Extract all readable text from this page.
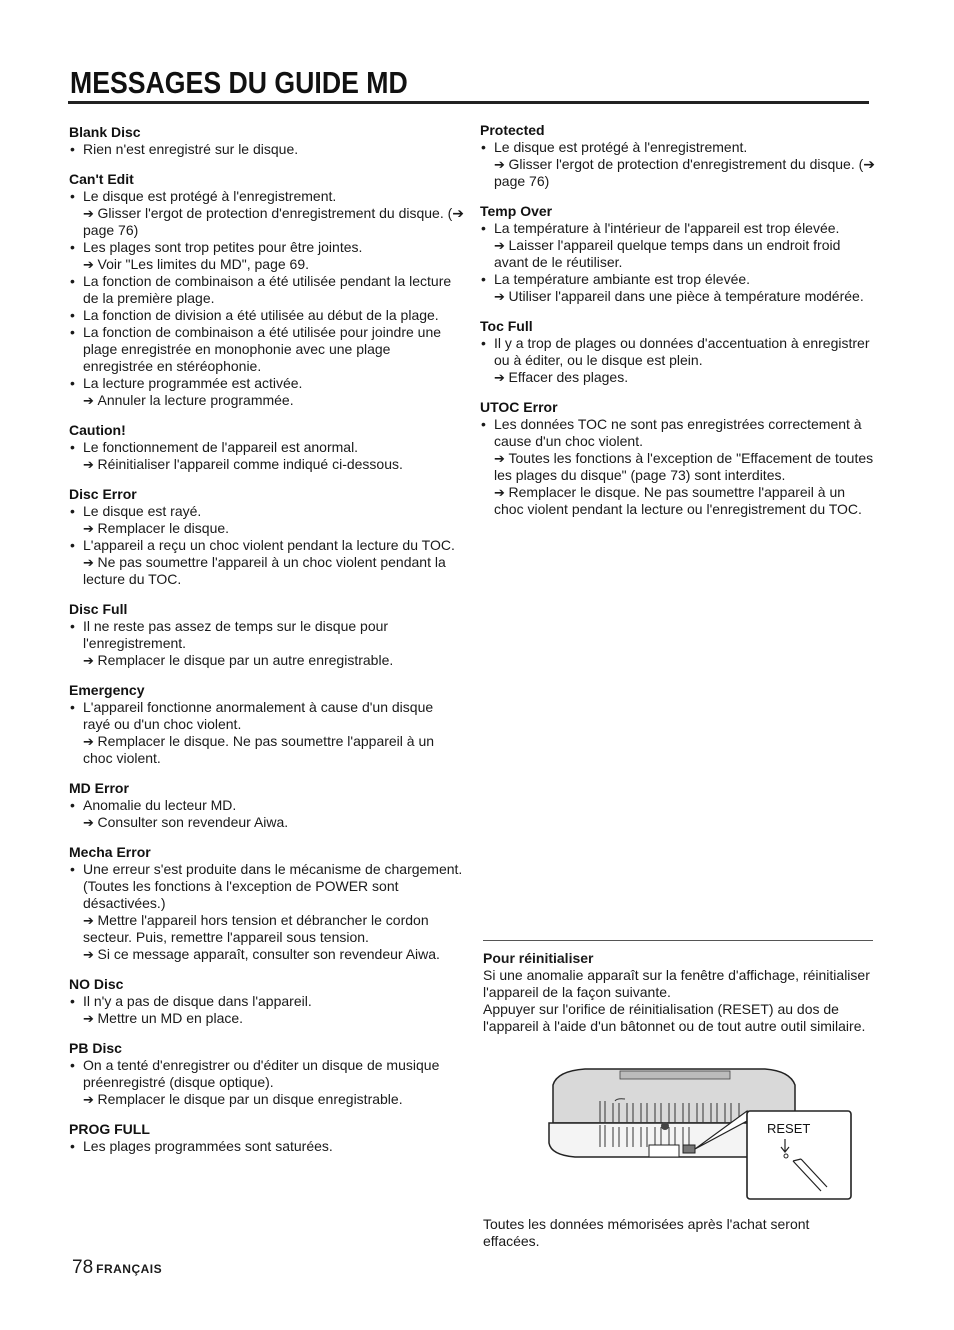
MESSAGES DU GUIDE MD
Blank Disc
• Rien n'est enregistré sur le disque.
Can't Edit
• Le disque est protégé à l'enregistrement.
➔ Glisser l'ergot de protection d'enregistrement du disque. (➔ page 76)
• Les plages sont trop petites pour être jointes.
➔ Voir "Les limites du MD", page 69.
• La fonction de combinaison a été utilisée pendant la lecture de la première plage.
• La fonction de division a été utilisée au début de la plage.
• La fonction de combinaison a été utilisée pour joindre une plage enregistrée en monophonie avec une plage enregistrée en stéréophonie.
• La lecture programmée est activée.
➔ Annuler la lecture programmée.
Caution!
• Le fonctionnement de l'appareil est anormal.
➔ Réinitialiser l'appareil comme indiqué ci-dessous.
Disc Error
• Le disque est rayé.
➔ Remplacer le disque.
• L'appareil a reçu un choc violent pendant la lecture du TOC.
➔ Ne pas soumettre l'appareil à un choc violent pendant la lecture du TOC.
Disc Full
• Il ne reste pas assez de temps sur le disque pour l'enregistrement.
➔ Remplacer le disque par un autre enregistrable.
Emergency
• L'appareil fonctionne anormalement à cause d'un disque rayé ou d'un choc violent.
➔ Remplacer le disque. Ne pas soumettre l'appareil à un choc violent.
MD Error
• Anomalie du lecteur MD.
➔ Consulter son revendeur Aiwa.
Mecha Error
• Une erreur s'est produite dans le mécanisme de chargement. (Toutes les fonctions à l'exception de POWER sont désactivées.)
➔ Mettre l'appareil hors tension et débrancher le cordon secteur. Puis, remettre l'appareil sous tension.
➔ Si ce message apparaît, consulter son revendeur Aiwa.
NO Disc
• Il n'y a pas de disque dans l'appareil.
➔ Mettre un MD en place.
PB Disc
• On a tenté d'enregistrer ou d'éditer un disque de musique préenregistré (disque optique).
➔ Remplacer le disque par un disque enregistrable.
PROG FULL
• Les plages programmées sont saturées.
Protected
• Le disque est protégé à l'enregistrement.
➔ Glisser l'ergot de protection d'enregistrement du disque. (➔ page 76)
Temp Over
• La température à l'intérieur de l'appareil est trop élevée.
➔ Laisser l'appareil quelque temps dans un endroit froid avant de le réutiliser.
• La température ambiante est trop élevée.
➔ Utiliser l'appareil dans une pièce à température modérée.
Toc Full
• Il y a trop de plages ou données d'accentuation à enregistrer ou à éditer, ou le disque est plein.
➔ Effacer des plages.
UTOC Error
• Les données TOC ne sont pas enregistrées correctement à cause d'un choc violent.
➔ Toutes les fonctions à l'exception de "Effacement de toutes les plages du disque" (page 73) sont interdites.
➔ Remplacer le disque. Ne pas soumettre l'appareil à un choc violent pendant la lecture ou l'enregistrement du TOC.
Pour réinitialiser

Si une anomalie apparaît sur la fenêtre d'affichage, réinitialiser l'appareil de la façon suivante.

Appuyer sur l'orifice de réinitialisation (RESET) au dos de l'appareil à l'aide d'un bâtonnet ou de tout autre outil similaire.

RESET

Toutes les données mémorisées après l'achat seront effacées.

78 FRANÇAIS
